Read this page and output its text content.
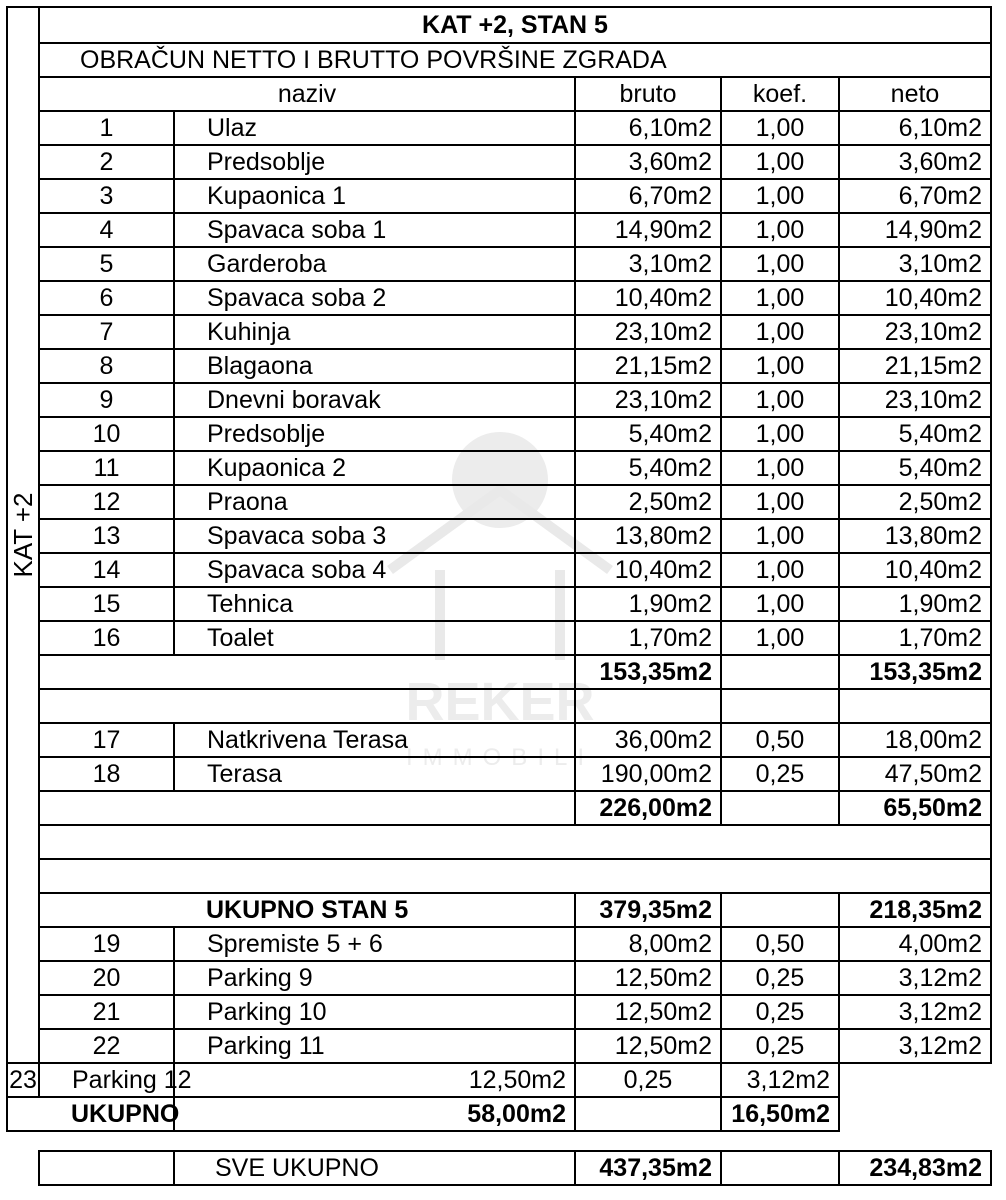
REKER
IMMOBILI
KAT +2	KAT +2, STAN 5				
	OBRAČUN NETTO I BRUTTO POVRŠINE ZGRADA				
	naziv		bruto	koef.	neto
	1	Ulaz	6,10m2	1,00	6,10m2
	2	Predsoblje	3,60m2	1,00	3,60m2
	3	Kupaonica 1	6,70m2	1,00	6,70m2
	4	Spavaca soba 1	14,90m2	1,00	14,90m2
	5	Garderoba	3,10m2	1,00	3,10m2
	6	Spavaca soba 2	10,40m2	1,00	10,40m2
	7	Kuhinja	23,10m2	1,00	23,10m2
	8	Blagaona	21,15m2	1,00	21,15m2
	9	Dnevni boravak	23,10m2	1,00	23,10m2
	10	Predsoblje	5,40m2	1,00	5,40m2
	11	Kupaonica 2	5,40m2	1,00	5,40m2
	12	Praona	2,50m2	1,00	2,50m2
	13	Spavaca soba 3	13,80m2	1,00	13,80m2
	14	Spavaca soba 4	10,40m2	1,00	10,40m2
	15	Tehnica	1,90m2	1,00	1,90m2
	16	Toalet	1,70m2	1,00	1,70m2
			153,35m2		153,35m2

	17	Natkrivena Terasa	36,00m2	0,50	18,00m2
	18	Terasa	190,00m2	0,25	47,50m2
			226,00m2		65,50m2

		UKUPNO STAN 5	379,35m2		218,35m2
	19	Spremiste 5 + 6	8,00m2	0,50	4,00m2
	20	Parking 9	12,50m2	0,25	3,12m2
	21	Parking 10	12,50m2	0,25	3,12m2
	22	Parking 11	12,50m2	0,25	3,12m2
23	Parking 12	12,50m2	0,25	3,12m2	
	UKUPNO	58,00m2		16,50m2	
	SVE UKUPNO	437,35m2		234,83m2
